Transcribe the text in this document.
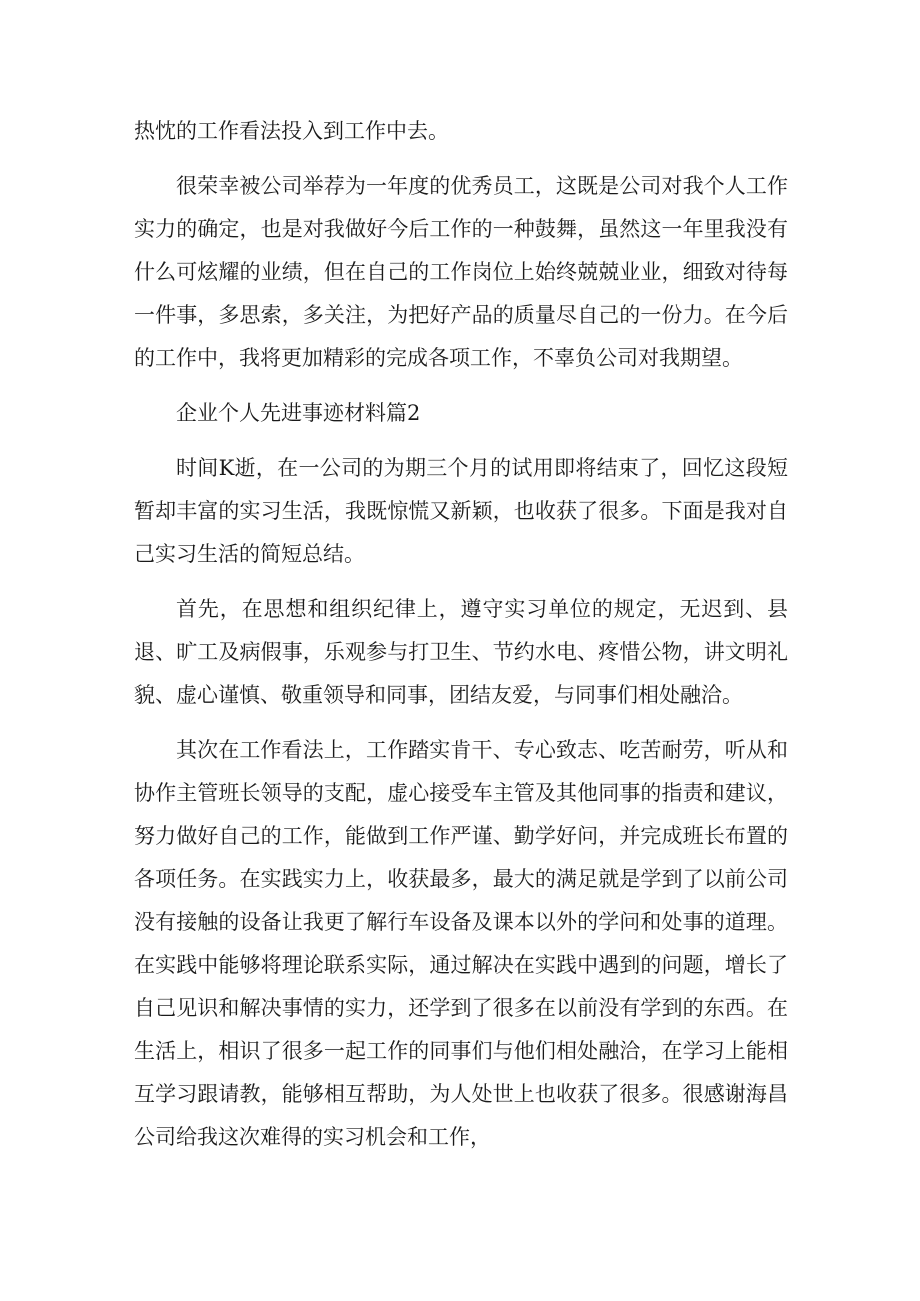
热忱的工作看法投入到工作中去。

很荣幸被公司举荐为一年度的优秀员工，这既是公司对我个人工作实力的确定，也是对我做好今后工作的一种鼓舞，虽然这一年里我没有什么可炫耀的业绩，但在自己的工作岗位上始终兢兢业业，细致对待每一件事，多思索，多关注，为把好产品的质量尽自己的一份力。在今后的工作中，我将更加精彩的完成各项工作，不辜负公司对我期望。

企业个人先进事迹材料篇2

时间K逝，在一公司的为期三个月的试用即将结束了，回忆这段短暂却丰富的实习生活，我既惊慌又新颖，也收获了很多。下面是我对自己实习生活的简短总结。

首先，在思想和组织纪律上，遵守实习单位的规定，无迟到、县退、旷工及病假事，乐观参与打卫生、节约水电、疼惜公物，讲文明礼貌、虚心谨慎、敬重领导和同事，团结友爱，与同事们相处融洽。

其次在工作看法上，工作踏实肯干、专心致志、吃苦耐劳，听从和协作主管班长领导的支配，虚心接受车主管及其他同事的指责和建议，努力做好自己的工作，能做到工作严谨、勤学好问，并完成班长布置的各项任务。在实践实力上，收获最多，最大的满足就是学到了以前公司没有接触的设备让我更了解行车设备及课本以外的学问和处事的道理。在实践中能够将理论联系实际，通过解决在实践中遇到的问题，增长了自己见识和解决事情的实力，还学到了很多在以前没有学到的东西。在生活上，相识了很多一起工作的同事们与他们相处融洽，在学习上能相互学习跟请教，能够相互帮助，为人处世上也收获了很多。很感谢海昌公司给我这次难得的实习机会和工作，
